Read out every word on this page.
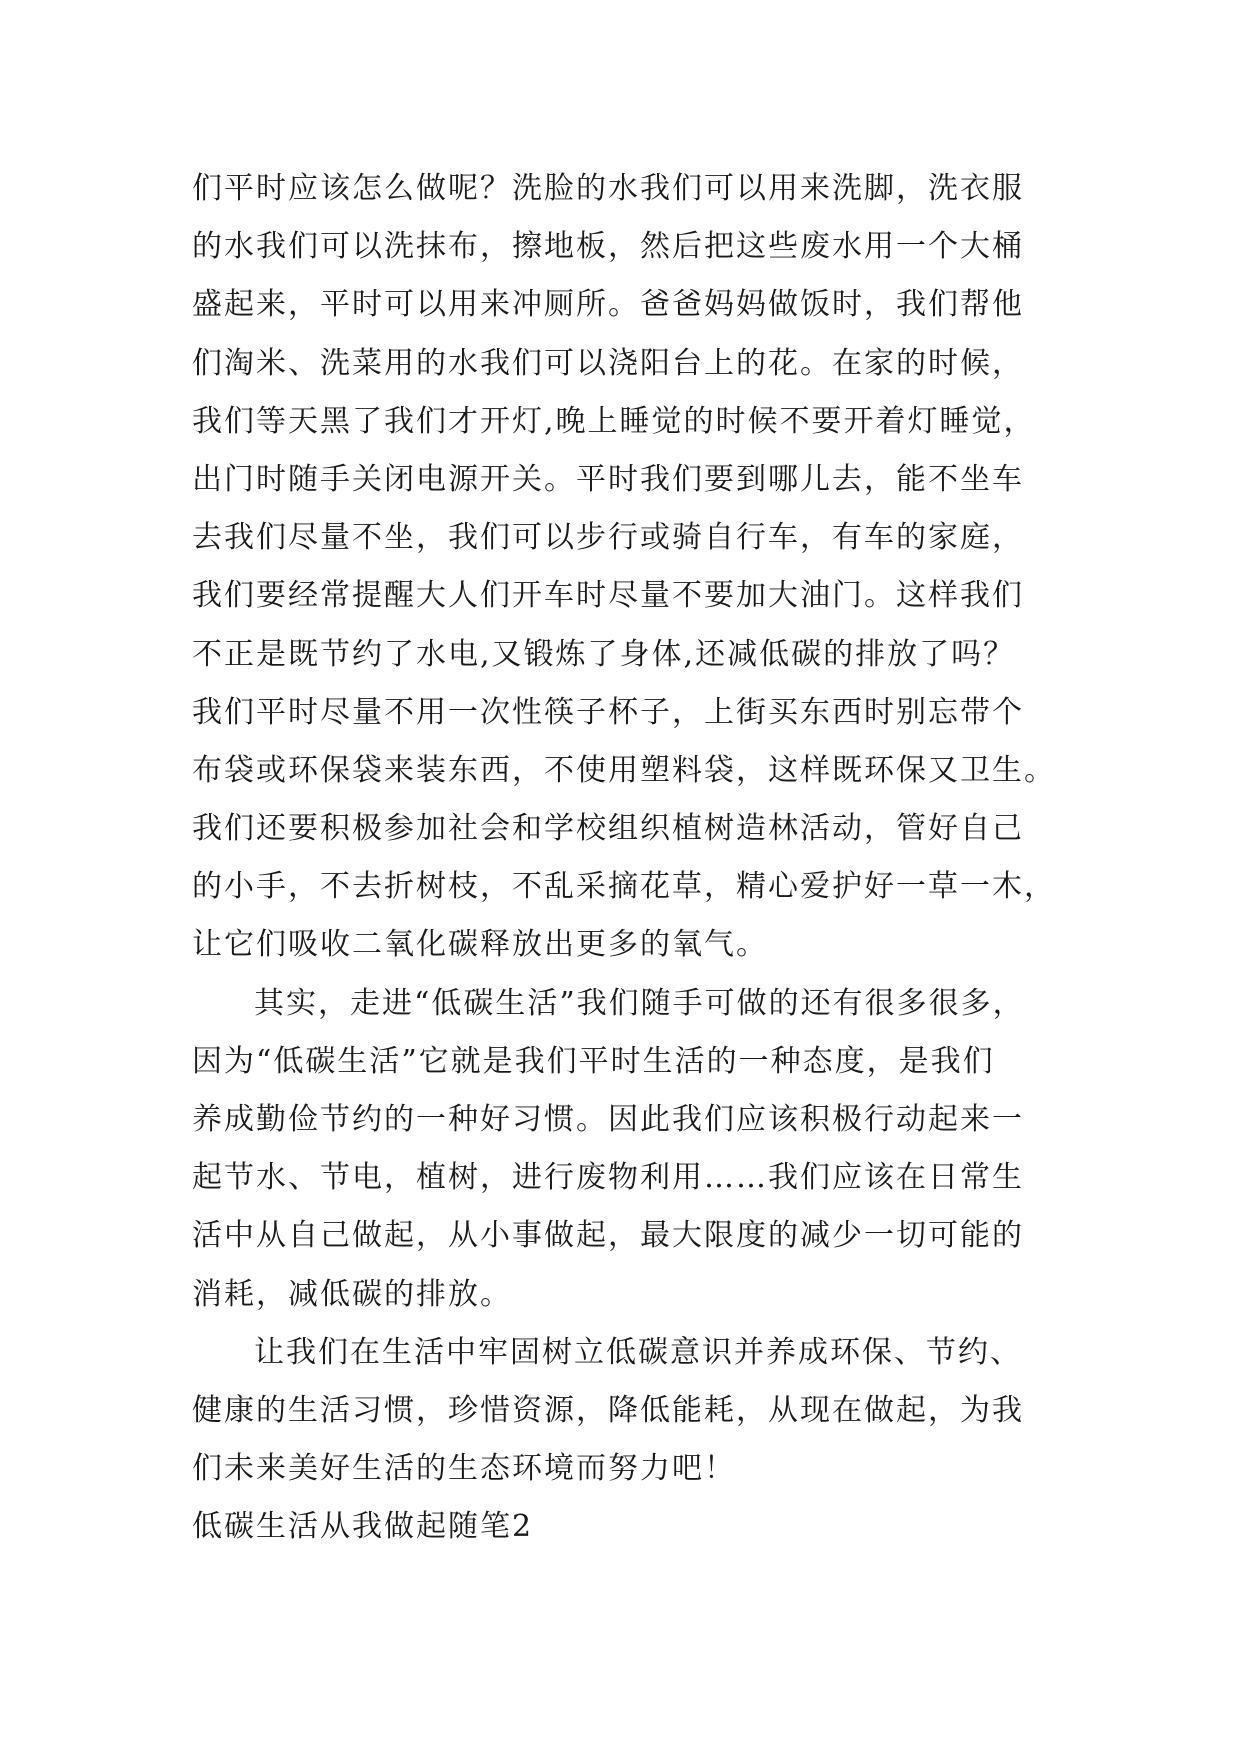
们平时应该怎么做呢？洗脸的水我们可以用来洗脚，洗衣服
的水我们可以洗抹布，擦地板，然后把这些废水用一个大桶
盛起来，平时可以用来冲厕所。爸爸妈妈做饭时，我们帮他
们淘米、洗菜用的水我们可以浇阳台上的花。在家的时候，
我们等天黑了我们才开灯,晚上睡觉的时候不要开着灯睡觉，
出门时随手关闭电源开关。平时我们要到哪儿去，能不坐车
去我们尽量不坐，我们可以步行或骑自行车，有车的家庭，
我们要经常提醒大人们开车时尽量不要加大油门。这样我们
不正是既节约了水电,又锻炼了身体,还减低碳的排放了吗？
我们平时尽量不用一次性筷子杯子，上街买东西时别忘带个
布袋或环保袋来装东西，不使用塑料袋，这样既环保又卫生。
我们还要积极参加社会和学校组织植树造林活动，管好自己
的小手，不去折树枝，不乱采摘花草，精心爱护好一草一木，
让它们吸收二氧化碳释放出更多的氧气。
其实，走进“低碳生活”我们随手可做的还有很多很多，
因为“低碳生活”它就是我们平时生活的一种态度，是我们
养成勤俭节约的一种好习惯。因此我们应该积极行动起来一
起节水、节电，植树，进行废物利用……我们应该在日常生
活中从自己做起，从小事做起，最大限度的减少一切可能的
消耗，减低碳的排放。
让我们在生活中牢固树立低碳意识并养成环保、节约、
健康的生活习惯，珍惜资源，降低能耗，从现在做起，为我
们未来美好生活的生态环境而努力吧！
低碳生活从我做起随笔2
